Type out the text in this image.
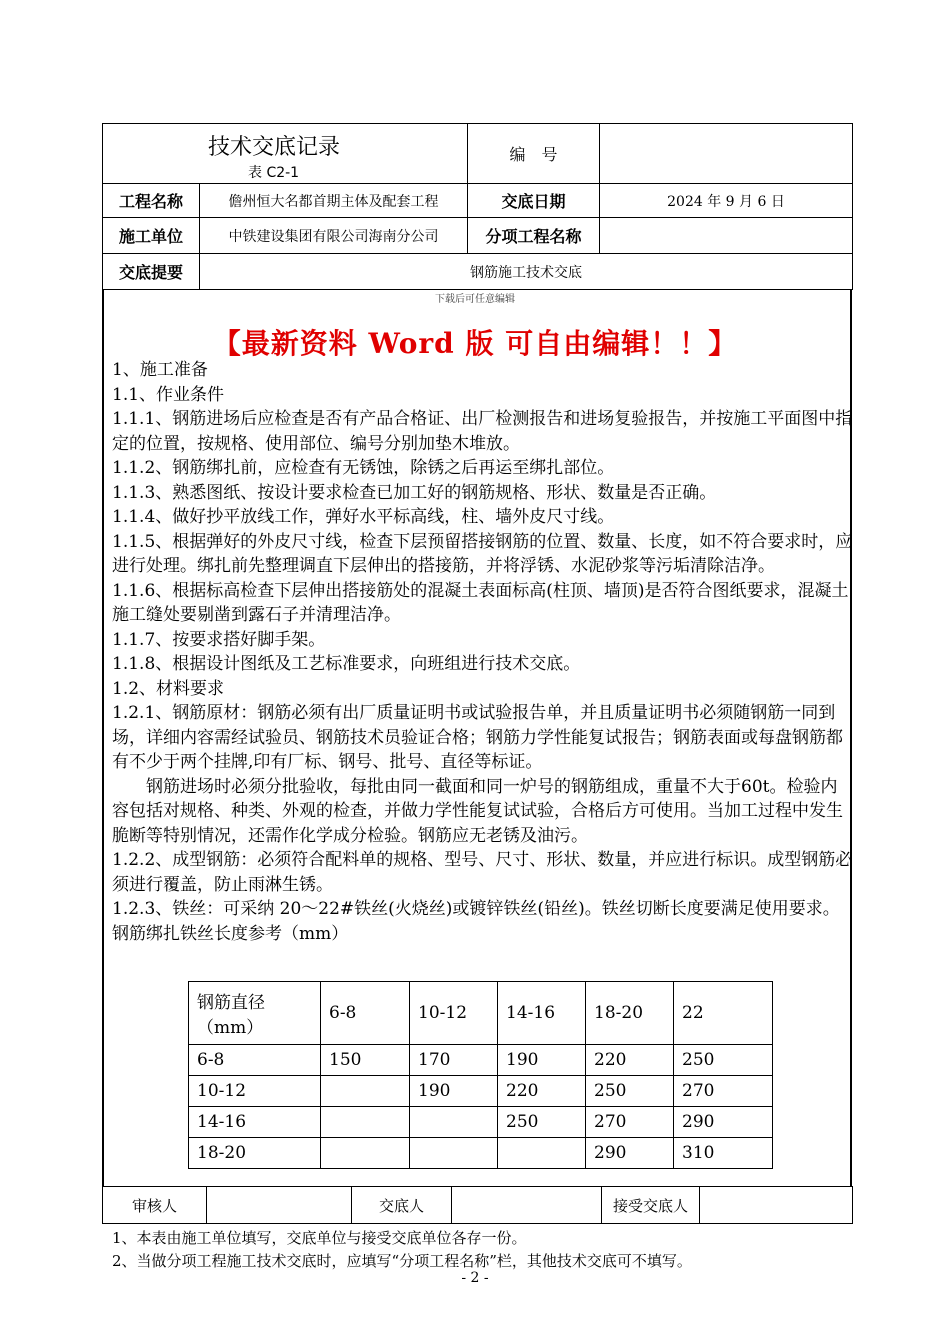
技术交底记录
表 C2-1		编　号	
工程名称	儋州恒大名都首期主体及配套工程	交底日期	2024 年 9 月 6 日
施工单位	中铁建设集团有限公司海南分公司	分项工程名称	
交底提要	钢筋施工技术交底		
下载后可任意编辑
【最新资料 Word 版 可自由编辑！！】

1、施工准备

1.1、作业条件

1.1.1、钢筋进场后应检查是否有产品合格证、出厂检测报告和进场复验报告，并按施工平面图中指定的位置，按规格、使用部位、编号分别加垫木堆放。

1.1.2、钢筋绑扎前，应检查有无锈蚀，除锈之后再运至绑扎部位。

1.1.3、熟悉图纸、按设计要求检查已加工好的钢筋规格、形状、数量是否正确。

1.1.4、做好抄平放线工作，弹好水平标高线，柱、墙外皮尺寸线。

1.1.5、根据弹好的外皮尺寸线，检查下层预留搭接钢筋的位置、数量、长度，如不符合要求时，应进行处理。绑扎前先整理调直下层伸出的搭接筋，并将浮锈、水泥砂浆等污垢清除洁净。

1.1.6、根据标高检查下层伸出搭接筋处的混凝土表面标高(柱顶、墙顶)是否符合图纸要求，混凝土施工缝处要剔凿到露石子并清理洁净。

1.1.7、按要求搭好脚手架。

1.1.8、根据设计图纸及工艺标准要求，向班组进行技术交底。

1.2、材料要求

1.2.1、钢筋原材：钢筋必须有出厂质量证明书或试验报告单，并且质量证明书必须随钢筋一同到场，详细内容需经试验员、钢筋技术员验证合格；钢筋力学性能复试报告；钢筋表面或每盘钢筋都有不少于两个挂牌,印有厂标、钢号、批号、直径等标证。

钢筋进场时必须分批验收，每批由同一截面和同一炉号的钢筋组成，重量不大于60t。检验内容包括对规格、种类、外观的检查，并做力学性能复试试验，合格后方可使用。当加工过程中发生脆断等特别情况，还需作化学成分检验。钢筋应无老锈及油污。

1.2.2、成型钢筋：必须符合配料单的规格、型号、尺寸、形状、数量，并应进行标识。成型钢筋必须进行覆盖，防止雨淋生锈。

1.2.3、铁丝：可采纳 20～22#铁丝(火烧丝)或镀锌铁丝(铅丝)。铁丝切断长度要满足使用要求。钢筋绑扎铁丝长度参考（mm）

钢筋直径（mm）	6-8	10-12	14-16	18-20	22
6-8	150	170	190	220	250
10-12		190	220	250	270
14-16			250	270	290
18-20				290	310
审核人		交底人		接受交底人	
1、本表由施工单位填写，交底单位与接受交底单位各存一份。
2、当做分项工程施工技术交底时，应填写“分项工程名称”栏，其他技术交底可不填写。
- 2 -
